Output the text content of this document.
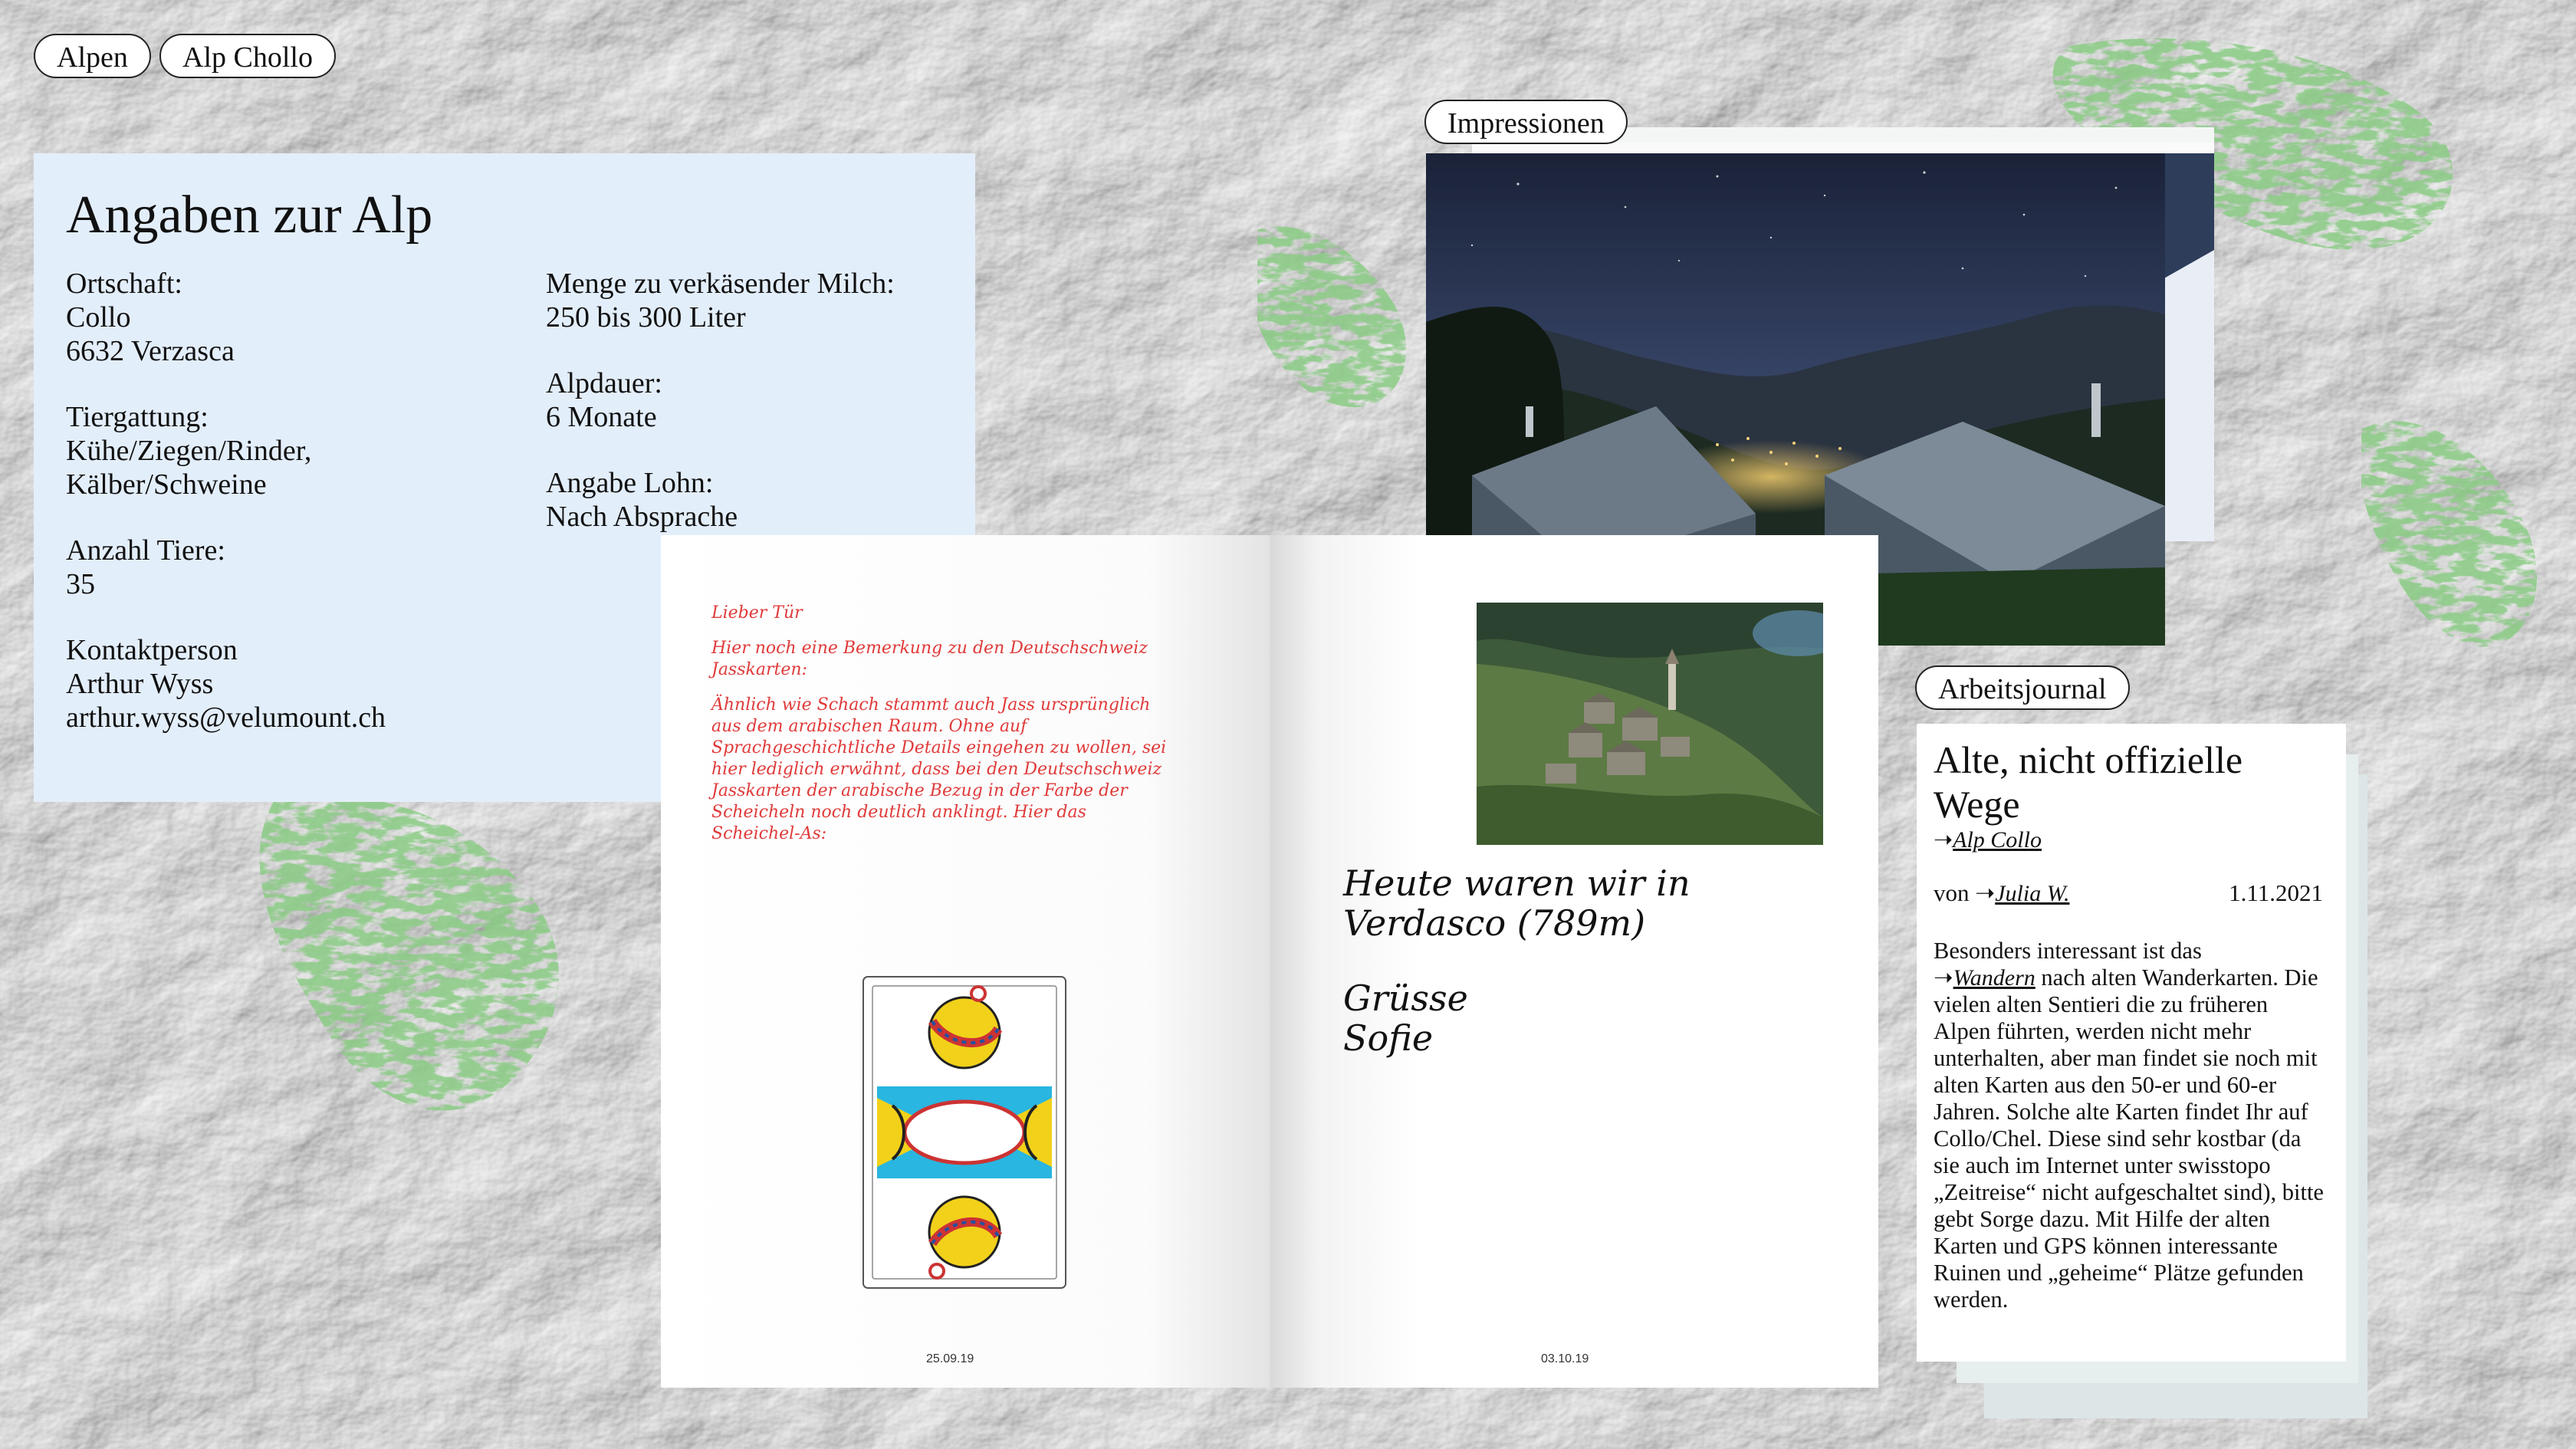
Alpen	Alp Chollo
Angaben zur Alp
Ortschaft:
Collo
6632 Verzasca
Tiergattung:
Kühe/Ziegen/Rinder,
Kälber/Schweine
Anzahl Tiere:
35
Kontaktperson
Arthur Wyss
arthur.wyss@velumount.ch
Menge zu verkäsender Milch:
250 bis 300 Liter
Alpdauer:
6 Monate
Angabe Lohn:
Nach Absprache
Impressionen
Arbeitsjournal
Alte, nicht offizielle Wege
➝Alp Collo
von ➝Julia W.	1.11.2021
Besonders interessant ist das
➝Wandern nach alten Wanderkarten. Die vielen alten Sentieri die zu früheren Alpen führten, werden nicht mehr unterhalten, aber man findet sie noch mit alten Karten aus den 50-er und 60-er Jahren. Solche alte Karten findet Ihr auf Collo/Chel. Diese sind sehr kostbar (da sie auch im Internet unter swisstopo „Zeitreise“ nicht aufgeschaltet sind), bitte gebt Sorge dazu. Mit Hilfe der alten Karten und GPS können interessante Ruinen und „geheime“ Plätze gefunden werden.

Lieber Tür

Hier noch eine Bemerkung zu den Deutschschweiz Jasskarten:

Ähnlich wie Schach stammt auch Jass ursprünglich aus dem arabischen Raum. Ohne auf Sprachgeschichtliche Details eingehen zu wollen, sei hier lediglich erwähnt, dass bei den Deutschschweiz Jasskarten der arabische Bezug in der Farbe der Scheicheln noch deutlich anklingt. Hier das Scheichel-As:

25.09.19
Heute waren wir in
Verdasco (789m)
Grüsse
Sofie
03.10.19
